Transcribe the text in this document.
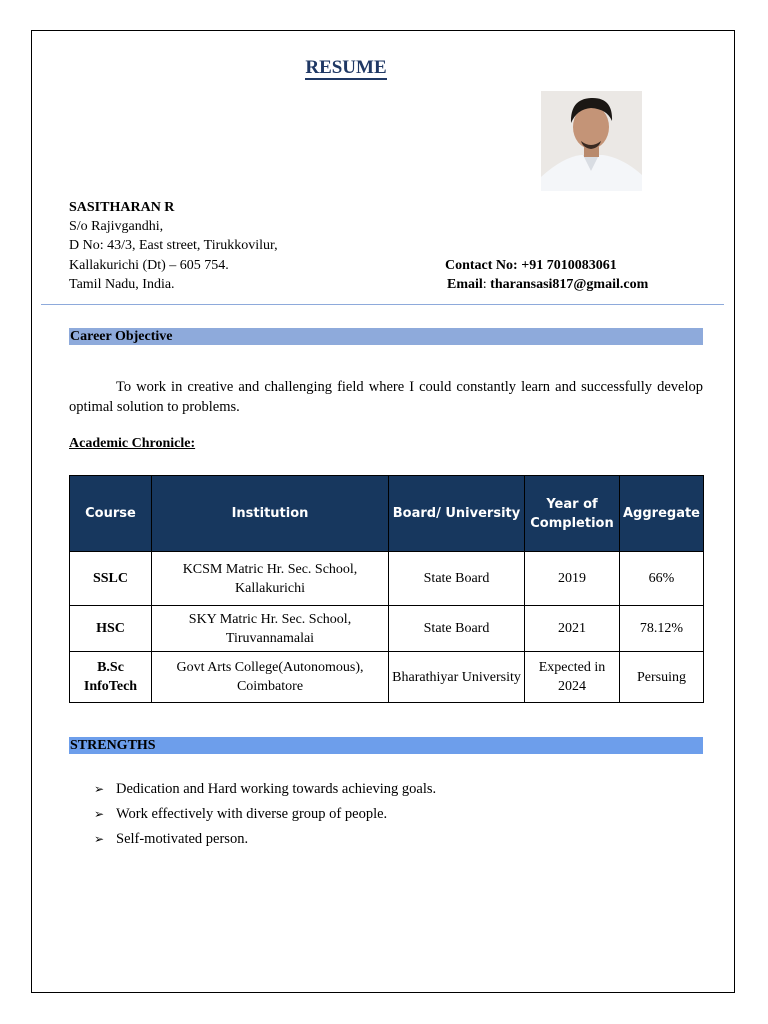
RESUME
SASITHARAN R
S/o Rajivgandhi,
D No: 43/3, East street, Tirukkovilur,
Kallakurichi (Dt) – 605 754.
Tamil Nadu, India.
Contact No: +91 7010083061
Email: tharansasi817@gmail.com
Career Objective
To work in creative and challenging field where I could constantly learn and successfully develop optimal solution to problems.
Academic Chronicle:
Course	Institution	Board/ University	Year of Completion	Aggregate
SSLC	KCSM Matric Hr. Sec. School, Kallakurichi	State Board	2019	66%
HSC	SKY Matric Hr. Sec. School, Tiruvannamalai	State Board	2021	78.12%
B.Sc InfoTech	Govt Arts College(Autonomous), Coimbatore	Bharathiyar University	Expected in 2024	Persuing
STRENGTHS
➢ Dedication and Hard working towards achieving goals.
➢ Work effectively with diverse group of people.
➢ Self-motivated person.
